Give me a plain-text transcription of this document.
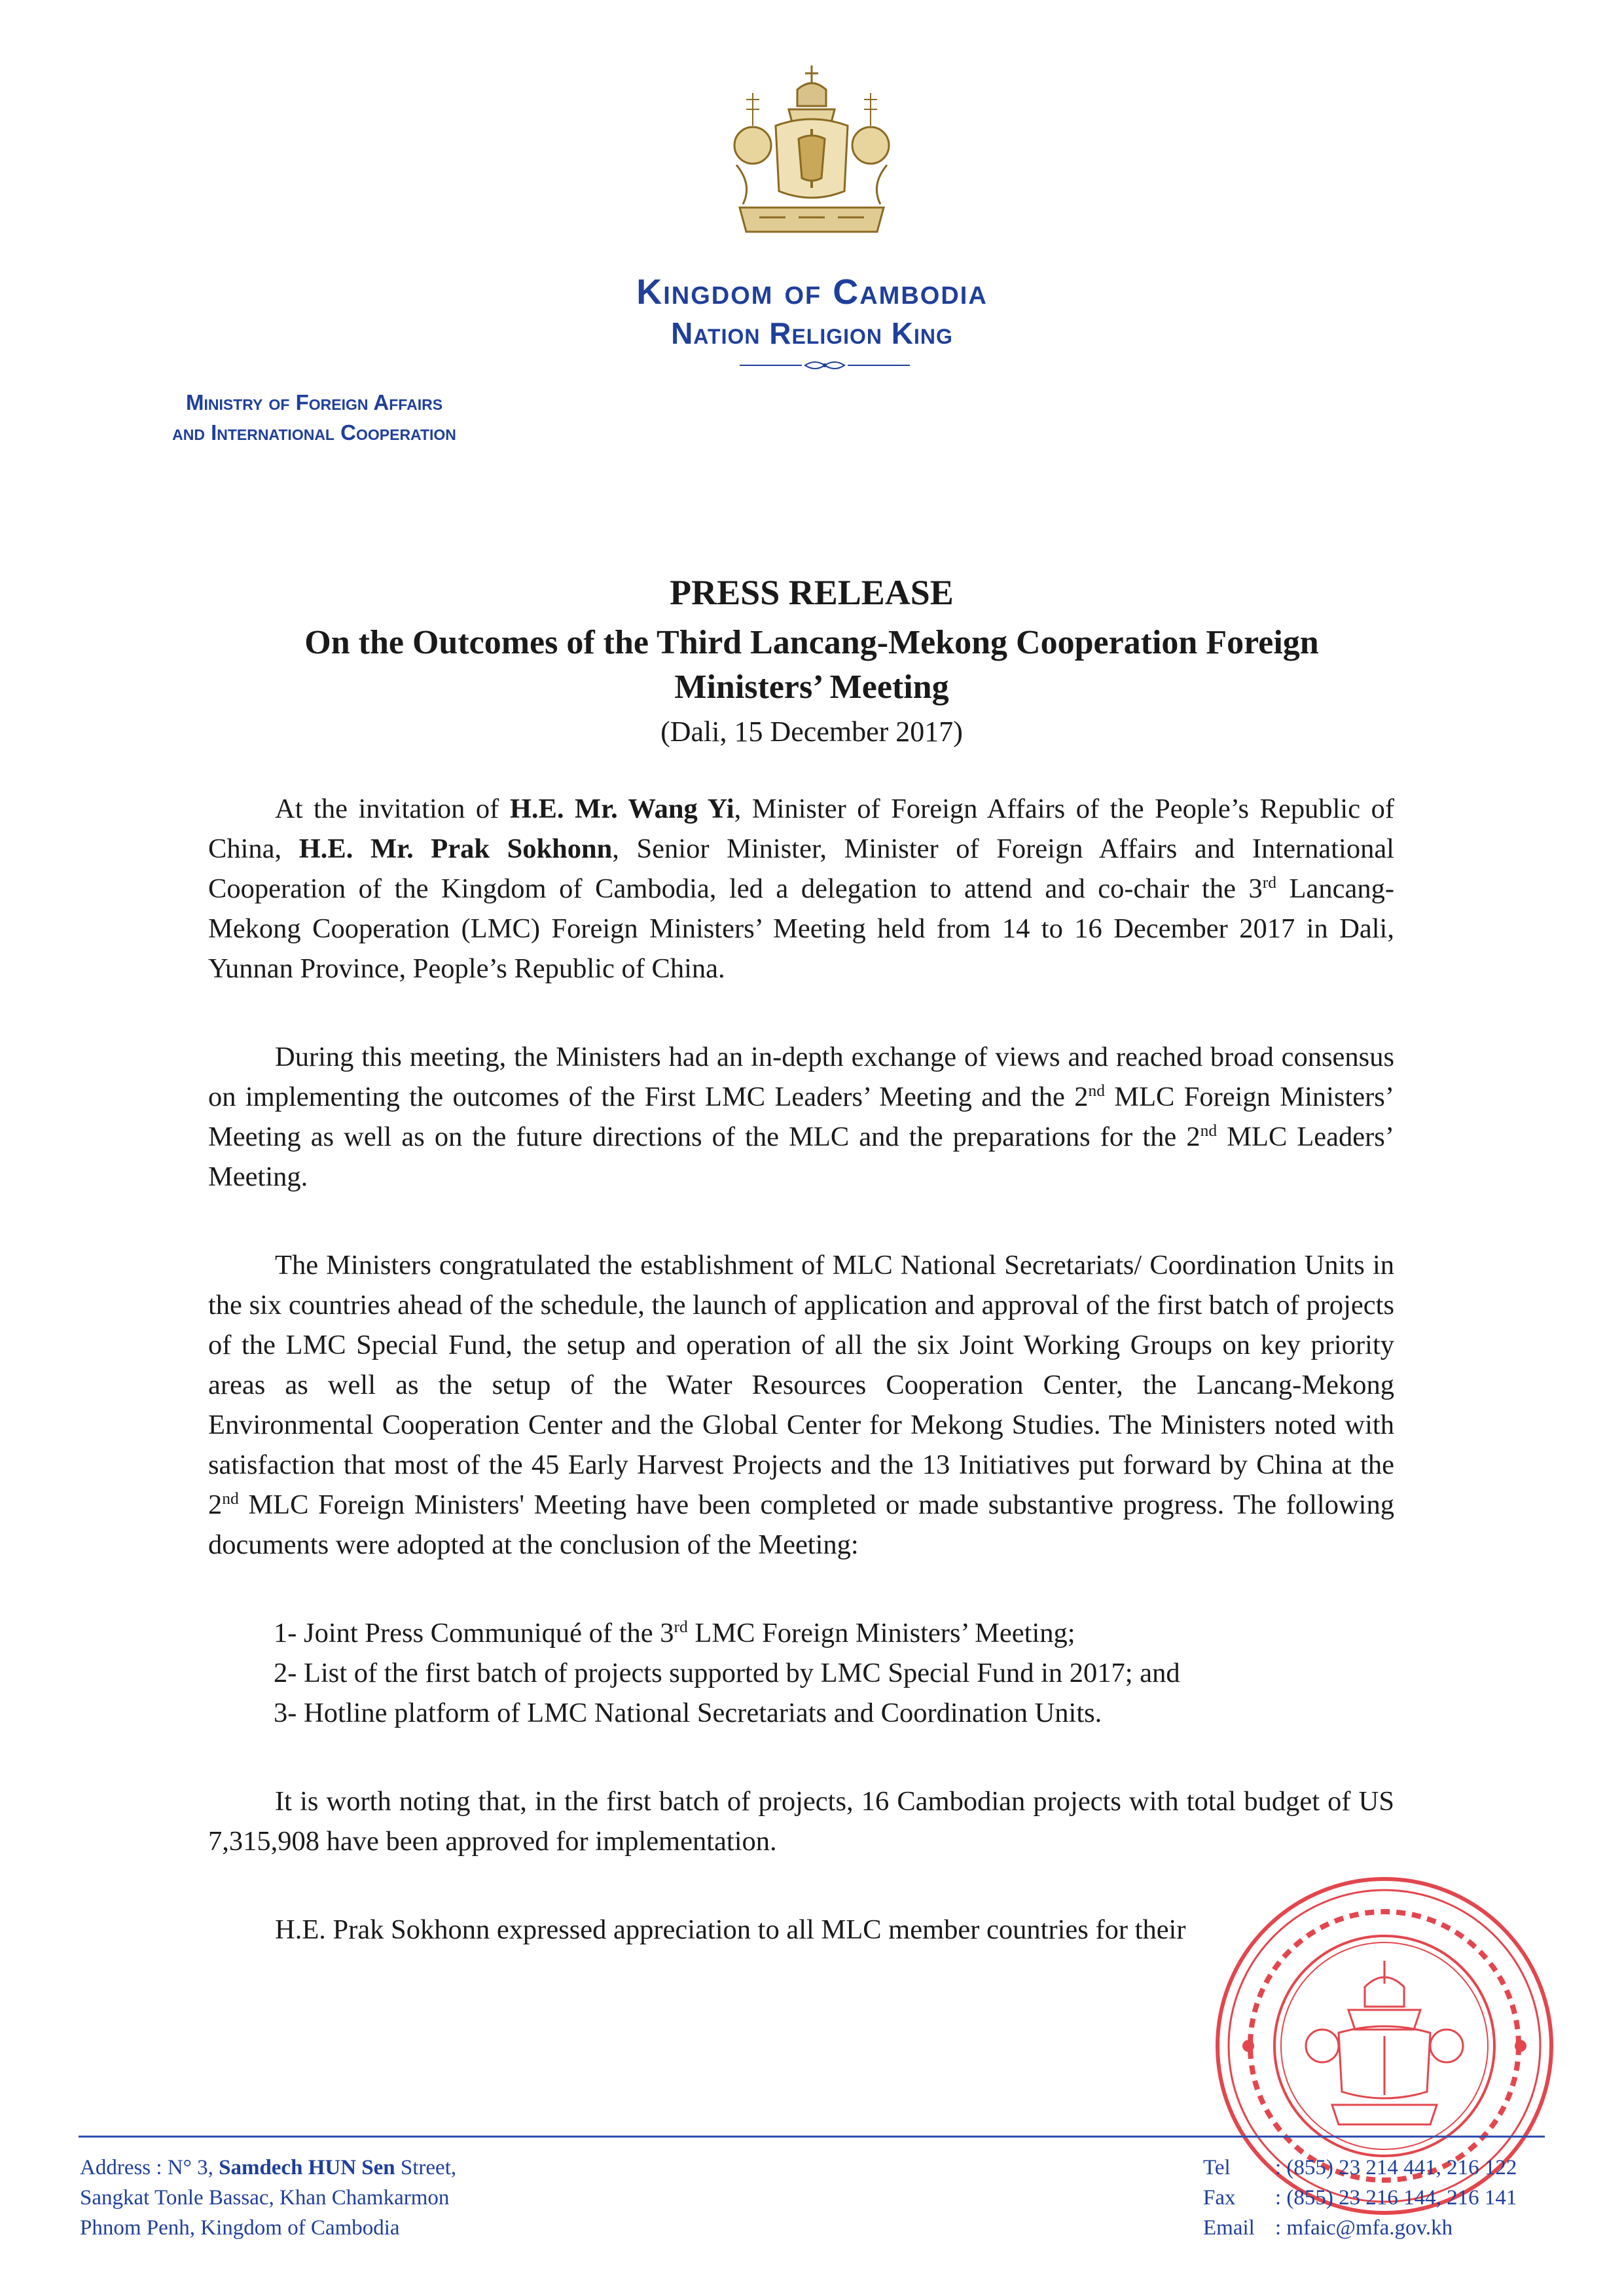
Kingdom of Cambodia
Nation Religion King
Ministry of Foreign Affairs
and International Cooperation
PRESS RELEASE
On the Outcomes of the Third Lancang-Mekong Cooperation Foreign
Ministers’ Meeting
(Dali, 15 December 2017)

At the invitation of H.E. Mr. Wang Yi, Minister of Foreign Affairs of the People’s Republic of China, H.E. Mr. Prak Sokhonn, Senior Minister, Minister of Foreign Affairs and International Cooperation of the Kingdom of Cambodia, led a delegation to attend and co-chair the 3rd Lancang-Mekong Cooperation (LMC) Foreign Ministers’ Meeting held from 14 to 16 December 2017 in Dali, Yunnan Province, People’s Republic of China.

During this meeting, the Ministers had an in-depth exchange of views and reached broad consensus on implementing the outcomes of the First LMC Leaders’ Meeting and the 2nd MLC Foreign Ministers’ Meeting as well as on the future directions of the MLC and the preparations for the 2nd MLC Leaders’ Meeting.

The Ministers congratulated the establishment of MLC National Secretariats/ Coordination Units in the six countries ahead of the schedule, the launch of application and approval of the first batch of projects of the LMC Special Fund, the setup and operation of all the six Joint Working Groups on key priority areas as well as the setup of the Water Resources Cooperation Center, the Lancang-Mekong Environmental Cooperation Center and the Global Center for Mekong Studies. The Ministers noted with satisfaction that most of the 45 Early Harvest Projects and the 13 Initiatives put forward by China at the 2nd MLC Foreign Ministers' Meeting have been completed or made substantive progress. The following documents were adopted at the conclusion of the Meeting:

1- Joint Press Communiqué of the 3rd LMC Foreign Ministers’ Meeting;
2- List of the first batch of projects supported by LMC Special Fund in 2017; and
3- Hotline platform of LMC National Secretariats and Coordination Units.

It is worth noting that, in the first batch of projects, 16 Cambodian projects with total budget of US 7,315,908 have been approved for implementation.

H.E. Prak Sokhonn expressed appreciation to all MLC member countries for their

Address : N° 3, Samdech HUN Sen Street,
Sangkat Tonle Bassac, Khan Chamkarmon
Phnom Penh, Kingdom of Cambodia
Tel	: (855) 23 214 441, 216 122
Fax	: (855) 23 216 144, 216 141
Email : mfaic@mfa.gov.kh
